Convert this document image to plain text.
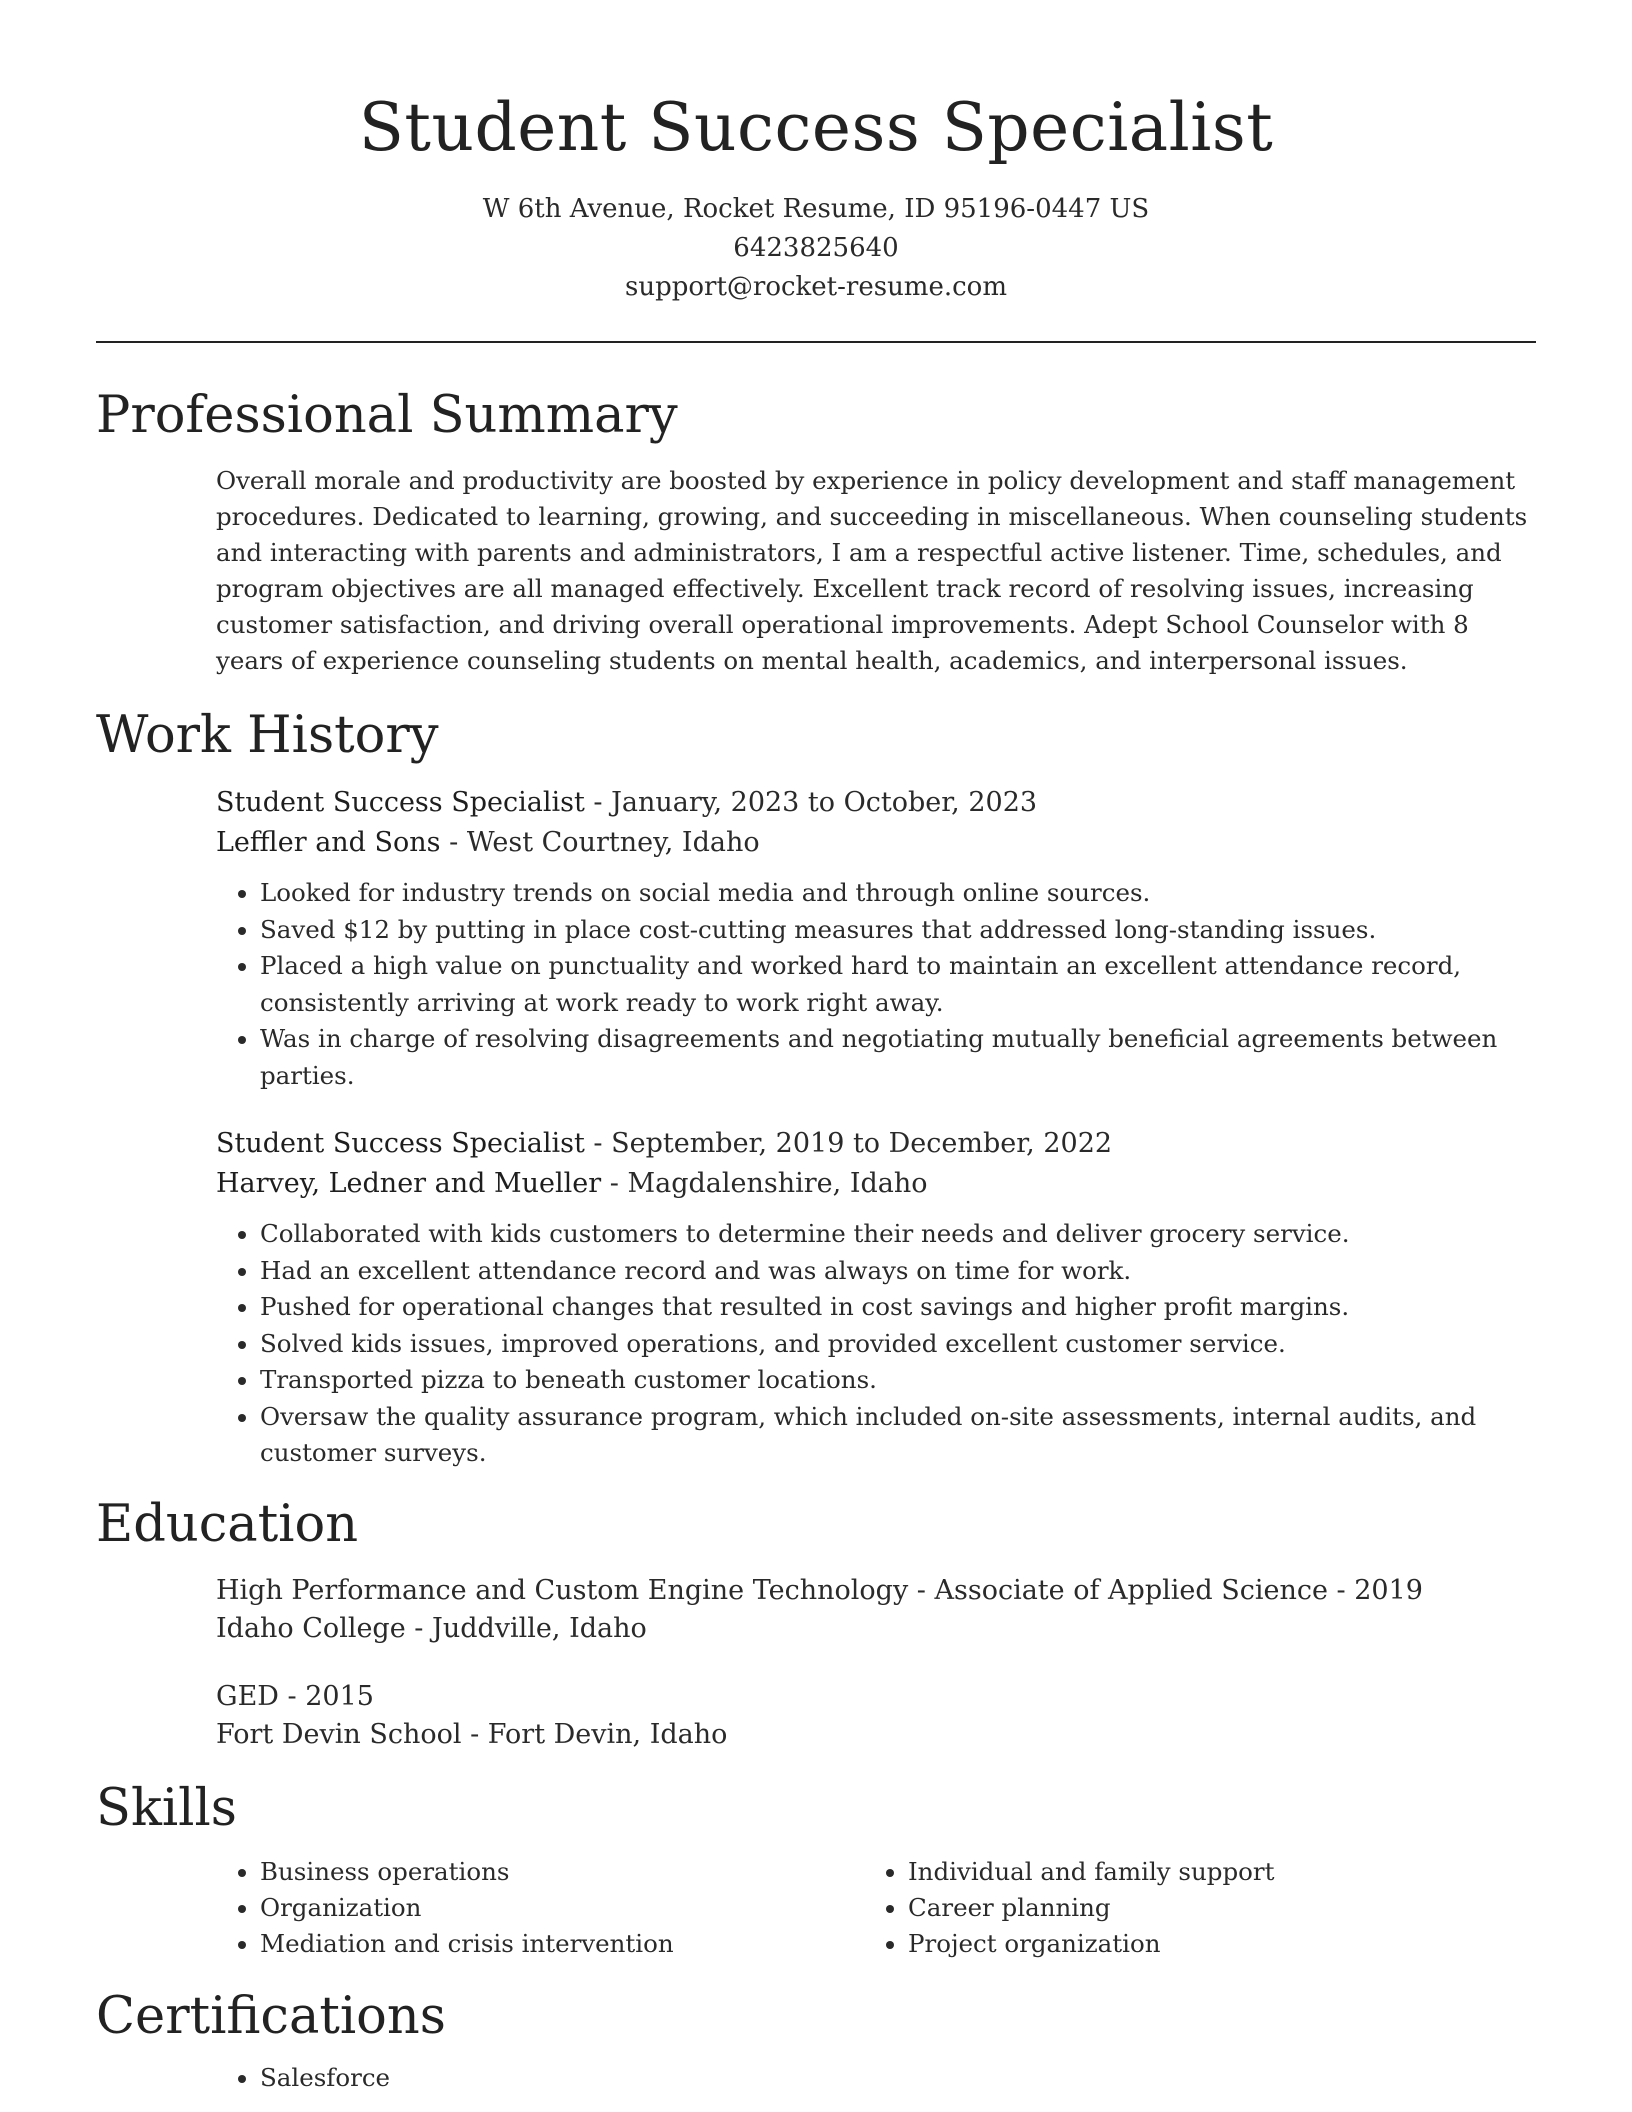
Student Success Specialist
W 6th Avenue, Rocket Resume, ID 95196-0447 US
6423825640
support@rocket-resume.com
Professional Summary
Overall morale and productivity are boosted by experience in policy development and staff management procedures. Dedicated to learning, growing, and succeeding in miscellaneous. When counseling students and interacting with parents and administrators, I am a respectful active listener. Time, schedules, and program objectives are all managed effectively. Excellent track record of resolving issues, increasing customer satisfaction, and driving overall operational improvements. Adept School Counselor with 8 years of experience counseling students on mental health, academics, and interpersonal issues.
Work History
Student Success Specialist - January, 2023 to October, 2023
Leffler and Sons - West Courtney, Idaho
• Looked for industry trends on social media and through online sources.
• Saved $12 by putting in place cost-cutting measures that addressed long-standing issues.
• Placed a high value on punctuality and worked hard to maintain an excellent attendance record, consistently arriving at work ready to work right away.
• Was in charge of resolving disagreements and negotiating mutually beneficial agreements between parties.
Student Success Specialist - September, 2019 to December, 2022
Harvey, Ledner and Mueller - Magdalenshire, Idaho
• Collaborated with kids customers to determine their needs and deliver grocery service.
• Had an excellent attendance record and was always on time for work.
• Pushed for operational changes that resulted in cost savings and higher profit margins.
• Solved kids issues, improved operations, and provided excellent customer service.
• Transported pizza to beneath customer locations.
• Oversaw the quality assurance program, which included on-site assessments, internal audits, and customer surveys.
Education
High Performance and Custom Engine Technology - Associate of Applied Science - 2019
Idaho College - Juddville, Idaho
GED - 2015
Fort Devin School - Fort Devin, Idaho
Skills
• Business operations
• Organization
• Mediation and crisis intervention
• Individual and family support
• Career planning
• Project organization
Certifications
• Salesforce
